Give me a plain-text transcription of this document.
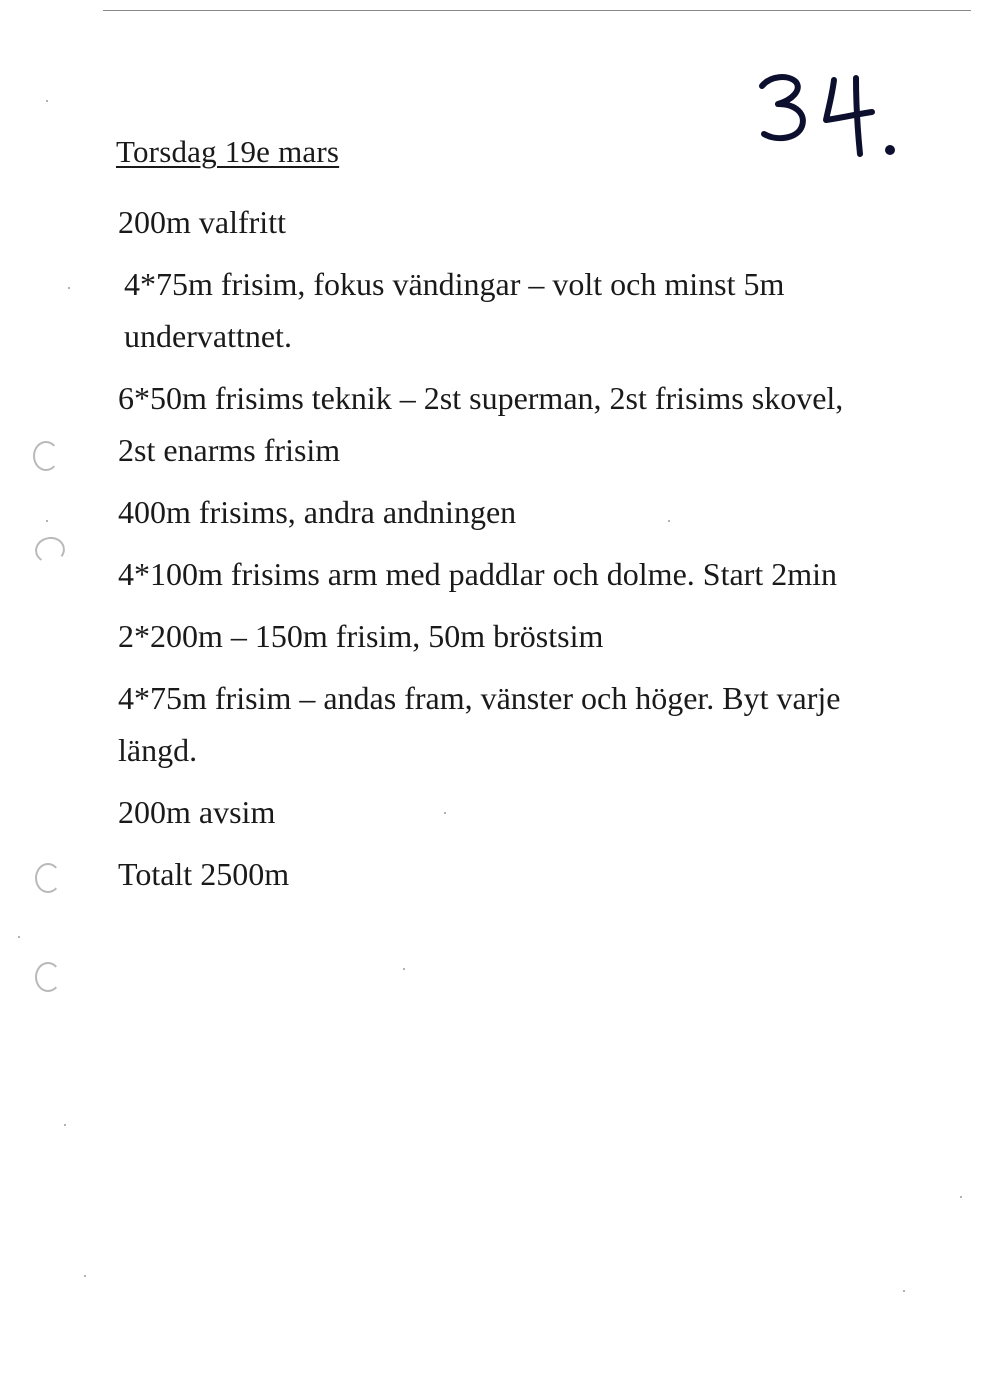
Torsdag 19e mars
200m valfritt
4*75m frisim, fokus vändingar – volt och minst 5m undervattnet.
6*50m frisims teknik – 2st superman, 2st frisims skovel, 2st enarms frisim
400m frisims, andra andningen
4*100m frisims arm med paddlar och dolme. Start 2min
2*200m – 150m frisim, 50m bröstsim
4*75m frisim – andas fram, vänster och höger. Byt varje längd.
200m avsim
Totalt 2500m
